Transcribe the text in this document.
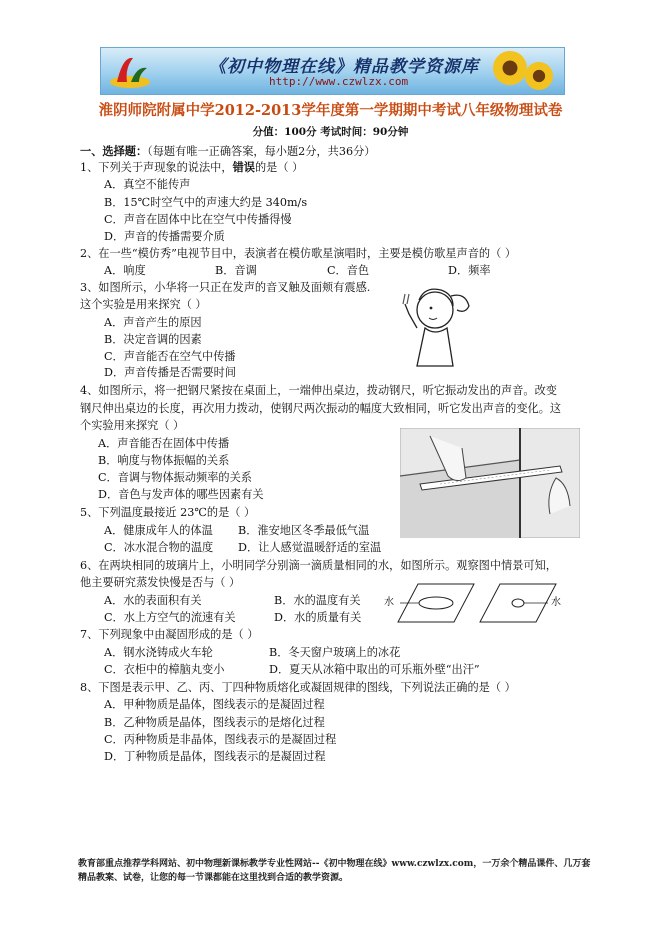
《初中物理在线》精品教学资源库
http://www.czwlzx.com
淮阴师院附属中学2012-2013学年度第一学期期中考试八年级物理试卷
分值：100分 考试时间：90分钟
一、选择题：（每题有唯一正确答案，每小题2分，共36分）
1、下列关于声现象的说法中，错误的是（ ）
A．真空不能传声
B．15℃时空气中的声速大约是 340m/s
C．声音在固体中比在空气中传播得慢
D．声音的传播需要介质
2、在一些“模仿秀”电视节目中，表演者在模仿歌星演唱时，主要是模仿歌星声音的（ ）
A．响度	B．音调	C．音色	D．频率
3、如图所示，小华将一只正在发声的音叉触及面颊有震感.
这个实验是用来探究（ ）
A．声音产生的原因
B．决定音调的因素
C．声音能否在空气中传播
D．声音传播是否需要时间
4、如图所示，将一把钢尺紧按在桌面上，一端伸出桌边，拨动钢尺，听它振动发出的声音。改变
钢尺伸出桌边的长度，再次用力拨动，使钢尺两次振动的幅度大致相同，听它发出声音的变化。这
个实验用来探究（ ）
A．声音能否在固体中传播
B．响度与物体振幅的关系
C．音调与物体振动频率的关系
D．音色与发声体的哪些因素有关
5、下列温度最接近 23℃的是（ ）
A．健康成年人的体温 B．淮安地区冬季最低气温
C．冰水混合物的温度 D．让人感觉温暖舒适的室温
6、在两块相同的玻璃片上，小明同学分别滴一滴质量相同的水，如图所示。观察图中情景可知，
他主要研究蒸发快慢是否与（ ）
A．水的表面积有关	B．水的温度有关
C．水上方空气的流速有关	D．水的质量有关
水	水
7、下列现象中由凝固形成的是（ ）
A．钢水浇铸成火车轮	B．冬天窗户玻璃上的冰花
C．衣柜中的樟脑丸变小	D．夏天从冰箱中取出的可乐瓶外壁“出汗”
8、下图是表示甲、乙、丙、丁四种物质熔化或凝固规律的图线，下列说法正确的是（ ）
A．甲种物质是晶体，图线表示的是凝固过程
B．乙种物质是晶体，图线表示的是熔化过程
C．丙种物质是非晶体，图线表示的是凝固过程
D．丁种物质是晶体，图线表示的是凝固过程
教育部重点推荐学科网站、初中物理新课标教学专业性网站--《初中物理在线》www.czwlzx.com，一万余个精品课件、几万套精品教案、试卷，让您的每一节课都能在这里找到合适的教学资源。
